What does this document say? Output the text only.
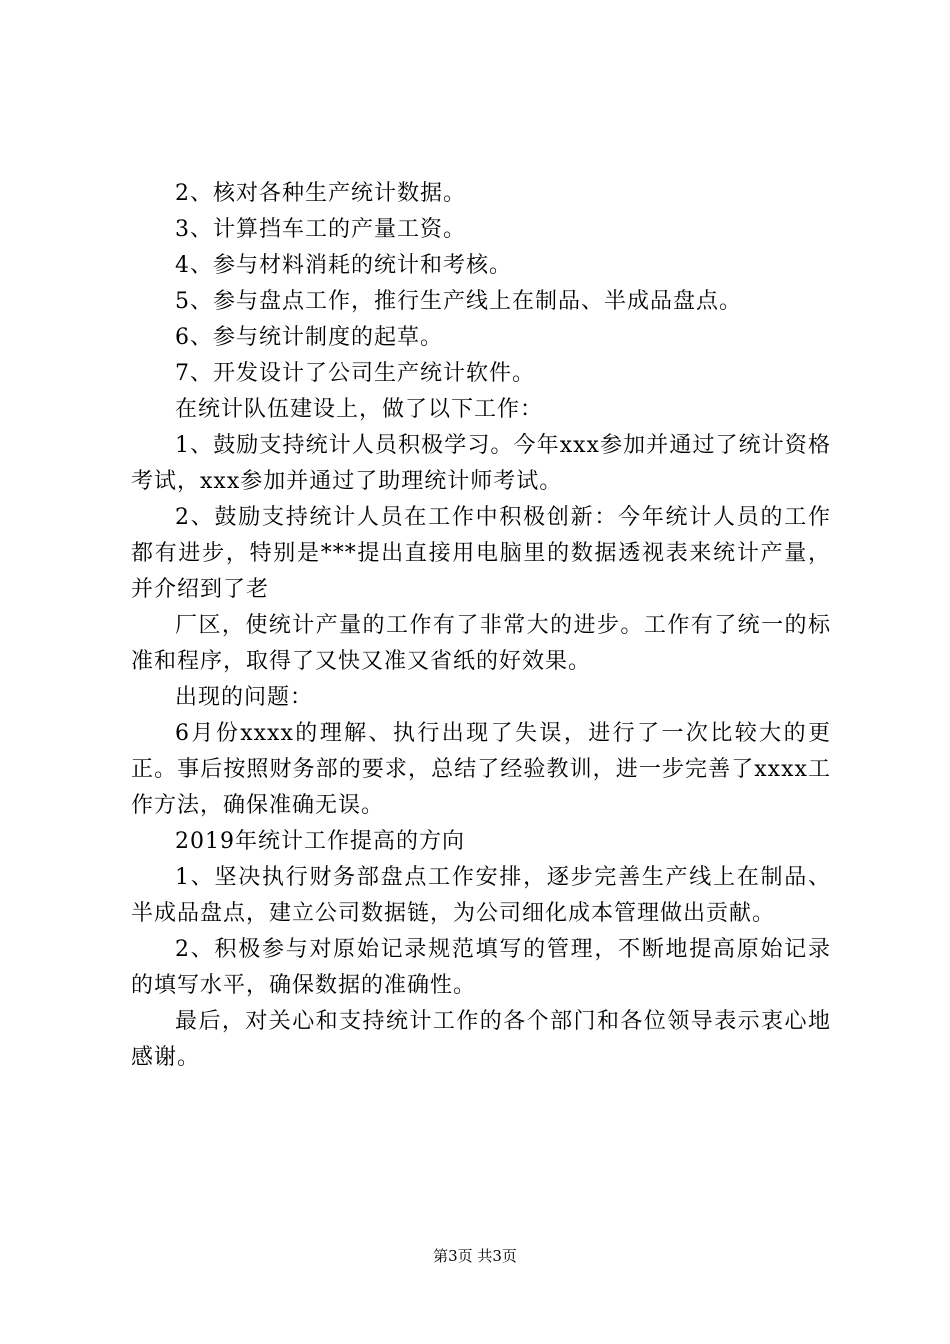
2、核对各种生产统计数据。

3、计算挡车工的产量工资。

4、参与材料消耗的统计和考核。

5、参与盘点工作，推行生产线上在制品、半成品盘点。

6、参与统计制度的起草。

7、开发设计了公司生产统计软件。

在统计队伍建设上，做了以下工作：

1、鼓励支持统计人员积极学习。今年xxx参加并通过了统计资格考试，xxx参加并通过了助理统计师考试。

2、鼓励支持统计人员在工作中积极创新：今年统计人员的工作都有进步，特别是***提出直接用电脑里的数据透视表来统计产量，并介绍到了老

厂区，使统计产量的工作有了非常大的进步。工作有了统一的标准和程序，取得了又快又准又省纸的好效果。

出现的问题：

6月份xxxx的理解、执行出现了失误，进行了一次比较大的更正。事后按照财务部的要求，总结了经验教训，进一步完善了xxxx工作方法，确保准确无误。

2019年统计工作提高的方向

1、坚决执行财务部盘点工作安排，逐步完善生产线上在制品、半成品盘点，建立公司数据链，为公司细化成本管理做出贡献。

2、积极参与对原始记录规范填写的管理，不断地提高原始记录的填写水平，确保数据的准确性。

最后，对关心和支持统计工作的各个部门和各位领导表示衷心地感谢。

第3页 共3页
